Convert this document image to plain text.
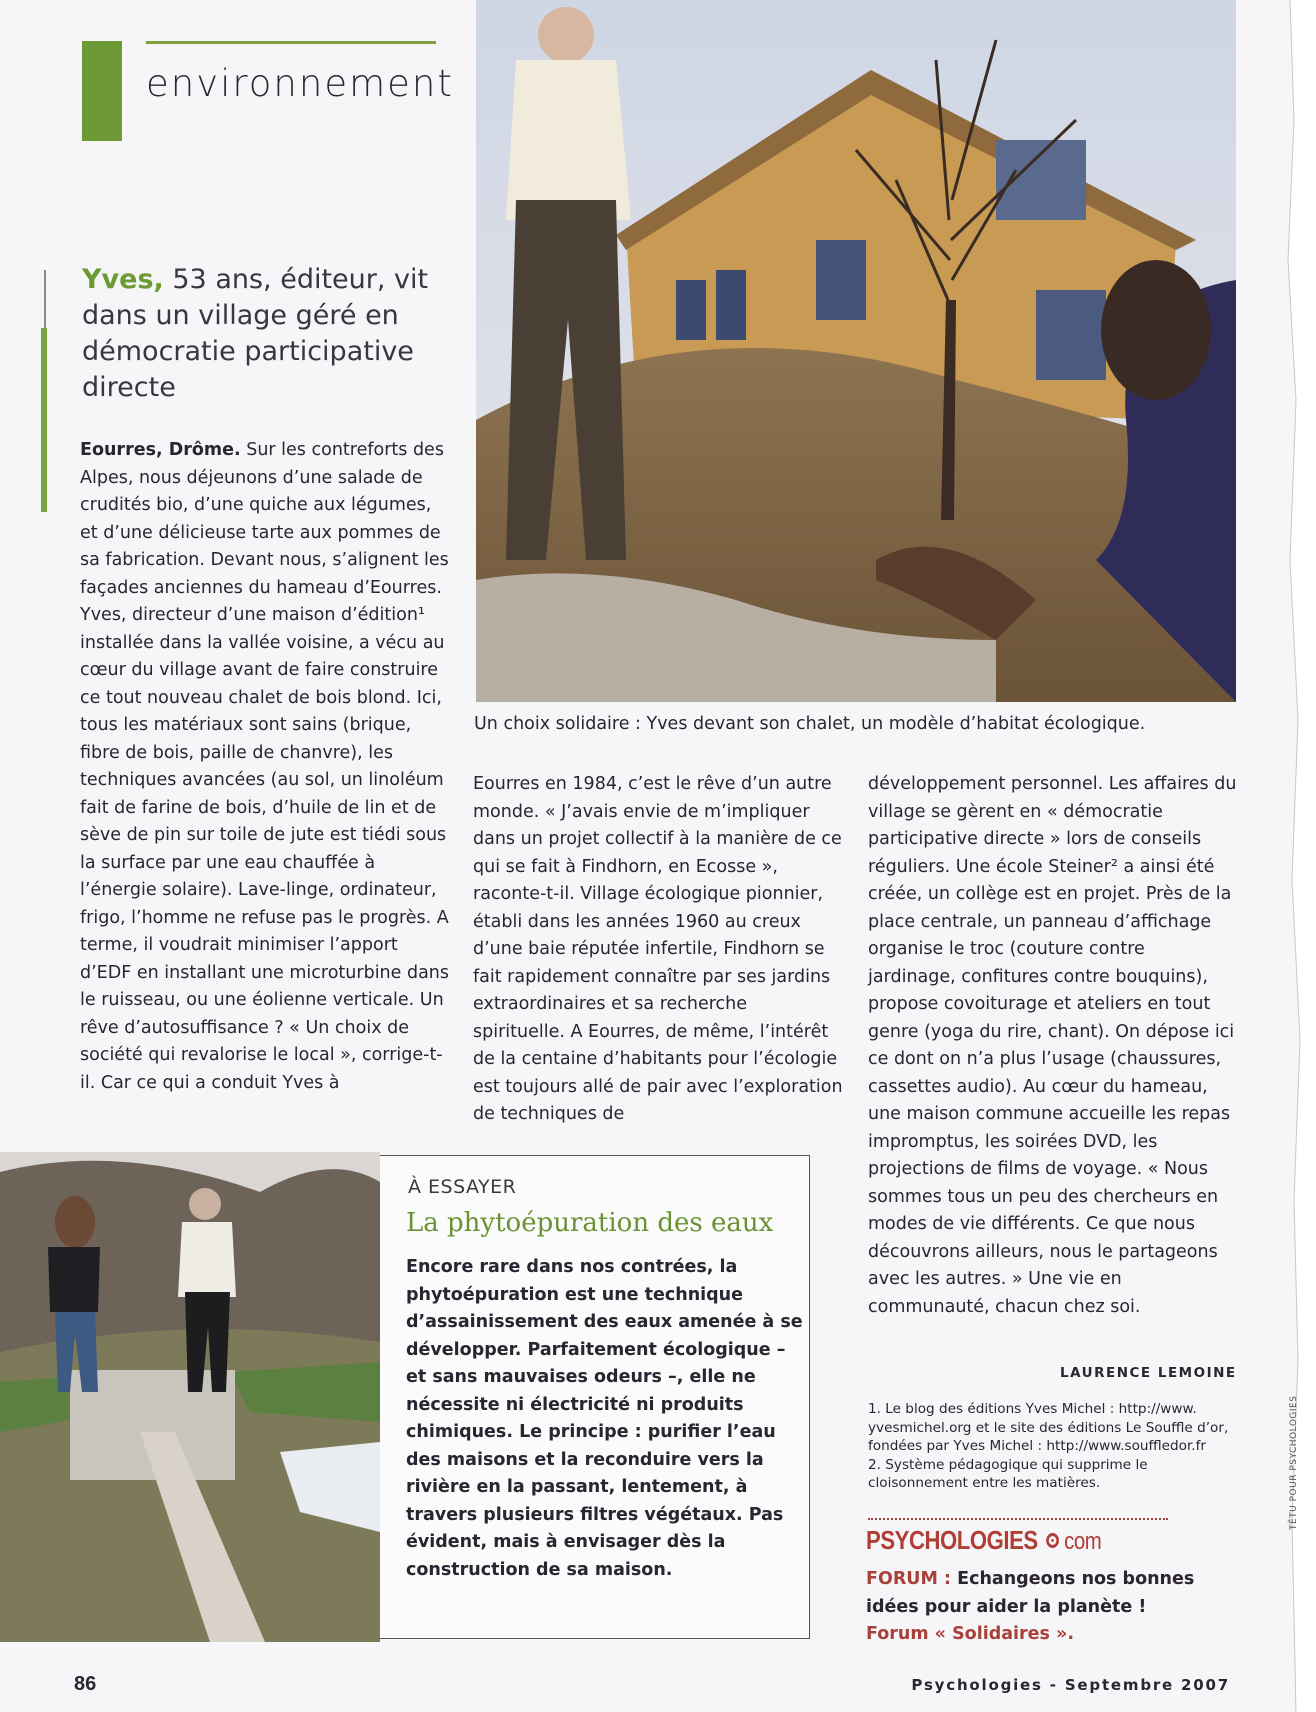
environnement
Yves, 53 ans, éditeur, vit dans un village géré en démocratie participative directe

Eourres, Drôme. Sur les contreforts des Alpes, nous déjeunons d’une salade de crudités bio, d’une quiche aux légumes, et d’une délicieuse tarte aux pommes de sa fabrication. Devant nous, s’alignent les façades anciennes du hameau d’Eourres. Yves, directeur d’une maison d’édition¹ installée dans la vallée voisine, a vécu au cœur du village avant de faire construire ce tout nouveau chalet de bois blond. Ici, tous les matériaux sont sains (brique, fibre de bois, paille de chanvre), les techniques avancées (au sol, un linoléum fait de farine de bois, d’huile de lin et de sève de pin sur toile de jute est tiédi sous la surface par une eau chauffée à l’énergie solaire). Lave-linge, ordinateur, frigo, l’homme ne refuse pas le progrès. A terme, il voudrait minimiser l’apport d’EDF en installant une microturbine dans le ruisseau, ou une éolienne verticale. Un rêve d’autosuffisance ? « Un choix de société qui revalorise le local », corrige-t-il. Car ce qui a conduit Yves à

Un choix solidaire : Yves devant son chalet, un modèle d’habitat écologique.

Eourres en 1984, c’est le rêve d’un autre monde. « J’avais envie de m’impliquer dans un projet collectif à la manière de ce qui se fait à Findhorn, en Ecosse », raconte-t-il. Village écologique pionnier, établi dans les années 1960 au creux d’une baie réputée infertile, Findhorn se fait rapidement connaître par ses jardins extraordinaires et sa recherche spirituelle. A Eourres, de même, l’intérêt de la centaine d’habitants pour l’écologie est toujours allé de pair avec l’exploration de techniques de

développement personnel. Les affaires du village se gèrent en « démocratie participative directe » lors de conseils réguliers. Une école Steiner² a ainsi été créée, un collège est en projet. Près de la place centrale, un panneau d’affichage organise le troc (couture contre jardinage, confitures contre bouquins), propose covoiturage et ateliers en tout genre (yoga du rire, chant). On dépose ici ce dont on n’a plus l’usage (chaussures, cassettes audio). Au cœur du hameau, une maison commune accueille les repas impromptus, les soirées DVD, les projections de films de voyage. « Nous sommes tous un peu des chercheurs en modes de vie différents. Ce que nous découvrons ailleurs, nous le partageons avec les autres. » Une vie en communauté, chacun chez soi.

À ESSAYER
La phytoépuration des eaux
Encore rare dans nos contrées, la phytoépuration est une technique d’assainissement des eaux amenée à se développer. Parfaitement écologique – et sans mauvaises odeurs –, elle ne nécessite ni électricité ni produits chimiques. Le principe : purifier l’eau des maisons et la reconduire vers la rivière en la passant, lentement, à travers plusieurs filtres végétaux. Pas évident, mais à envisager dès la construction de sa maison.
LAURENCE LEMOINE

1. Le blog des éditions Yves Michel : http://www. yvesmichel.org et le site des éditions Le Souffle d’or, fondées par Yves Michel : http://www.souffledor.fr

2. Système pédagogique qui supprime le cloisonnement entre les matières.

PSYCHOLOGIES com
FORUM : Echangeons nos bonnes idées pour aider la planète !
Forum « Solidaires ».
TÊTU POUR PSYCHOLOGIES
86	Psychologies - Septembre 2007
